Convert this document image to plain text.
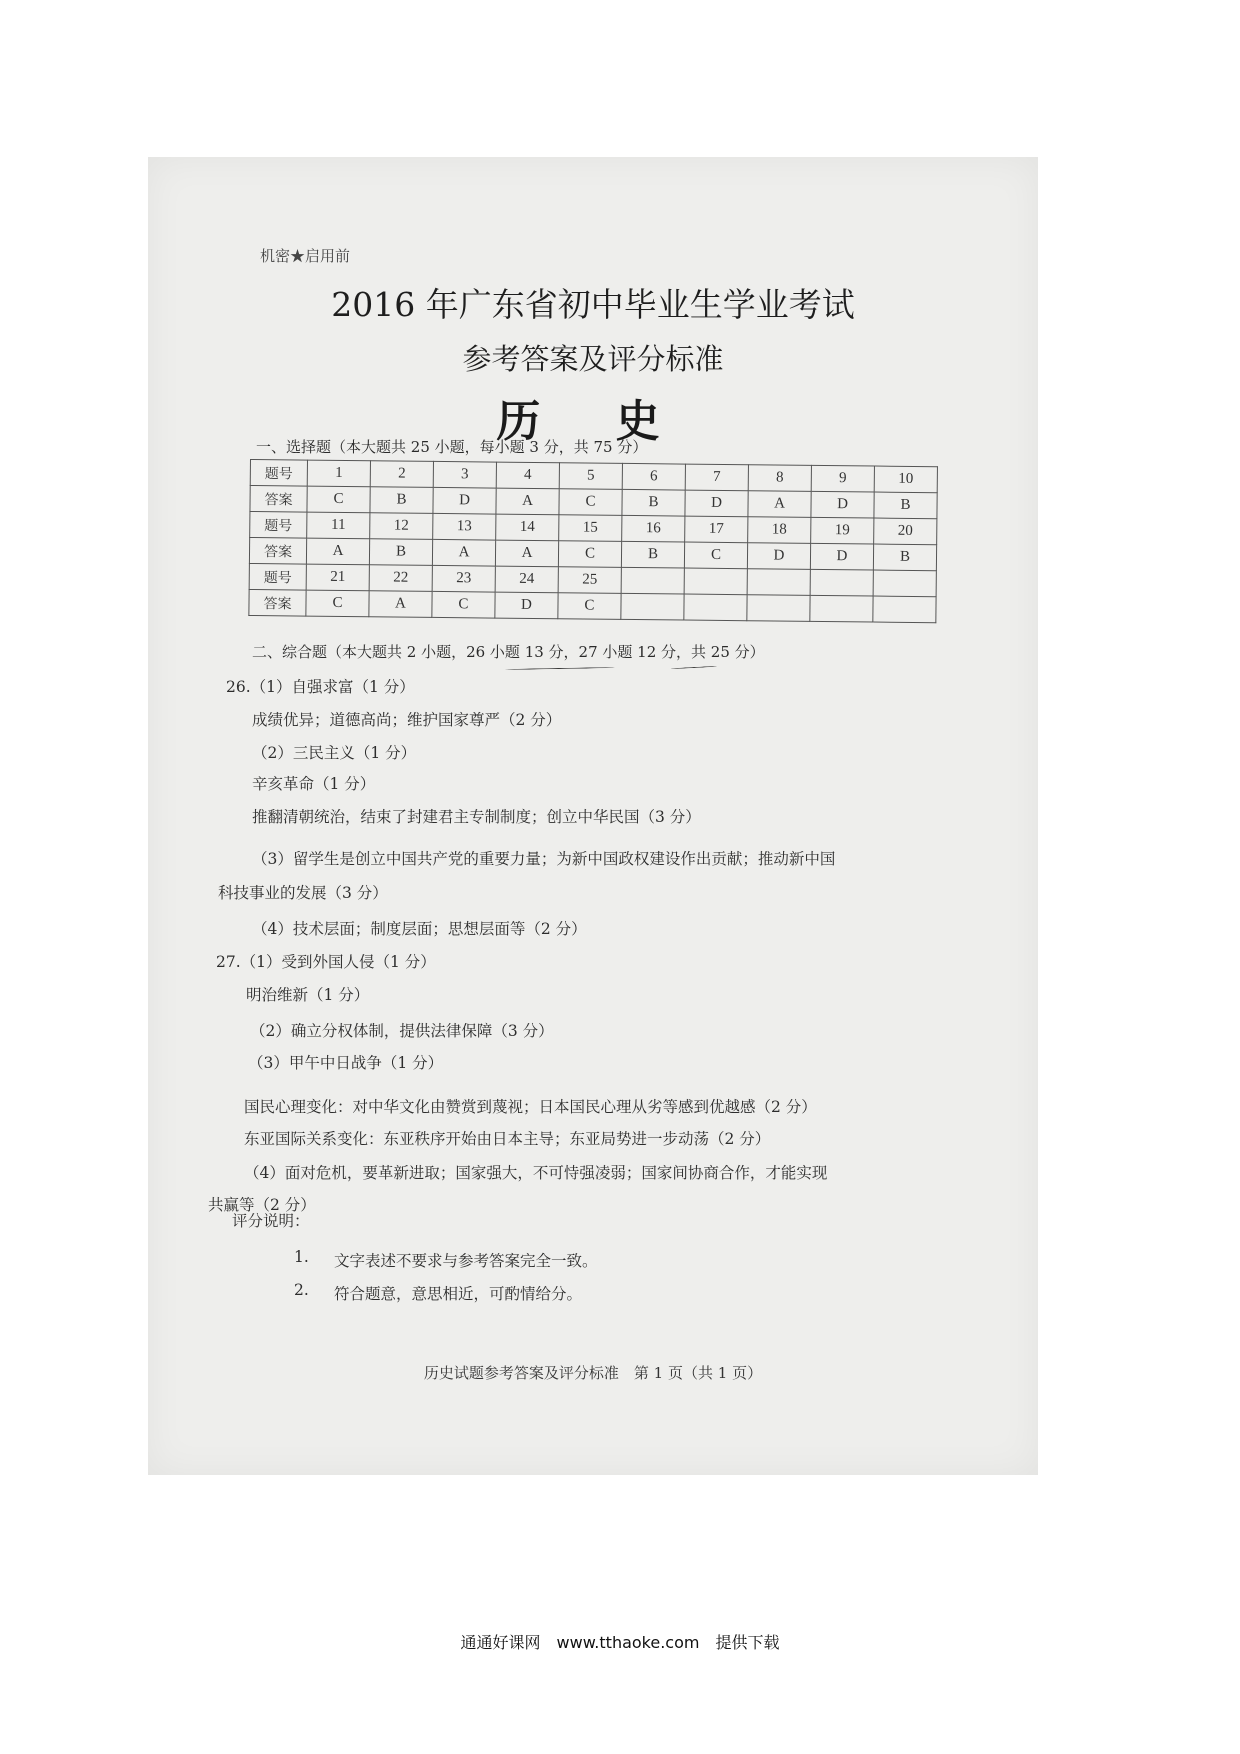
机密★启用前
2016 年广东省初中毕业生学业考试
参考答案及评分标准
历 史
一、选择题（本大题共 25 小题，每小题 3 分，共 75 分）
题号	1	2	3	4	5	6	7	8	9	10
答案	C	B	D	A	C	B	D	A	D	B
题号	11	12	13	14	15	16	17	18	19	20
答案	A	B	A	A	C	B	C	D	D	B
题号	21	22	23	24	25					
答案	C	A	C	D	C					
二、综合题（本大题共 2 小题，26 小题 13 分，27 小题 12 分，共 25 分）
26.（1）自强求富（1 分）
成绩优异；道德高尚；维护国家尊严（2 分）
（2）三民主义（1 分）
辛亥革命（1 分）
推翻清朝统治，结束了封建君主专制制度；创立中华民国（3 分）
（3）留学生是创立中国共产党的重要力量；为新中国政权建设作出贡献；推动新中国
科技事业的发展（3 分）
（4）技术层面；制度层面；思想层面等（2 分）
27.（1）受到外国人侵（1 分）
明治维新（1 分）
（2）确立分权体制，提供法律保障（3 分）
（3）甲午中日战争（1 分）
国民心理变化：对中华文化由赞赏到蔑视；日本国民心理从劣等感到优越感（2 分）
东亚国际关系变化：东亚秩序开始由日本主导；东亚局势进一步动荡（2 分）
（4）面对危机，要革新进取；国家强大，不可恃强凌弱；国家间协商合作，才能实现
共赢等（2 分）
评分说明：
1. 文字表述不要求与参考答案完全一致。
2. 符合题意，意思相近，可酌情给分。
历史试题参考答案及评分标准　第 1 页（共 1 页）
通通好课网　www.tthaoke.com　提供下载
